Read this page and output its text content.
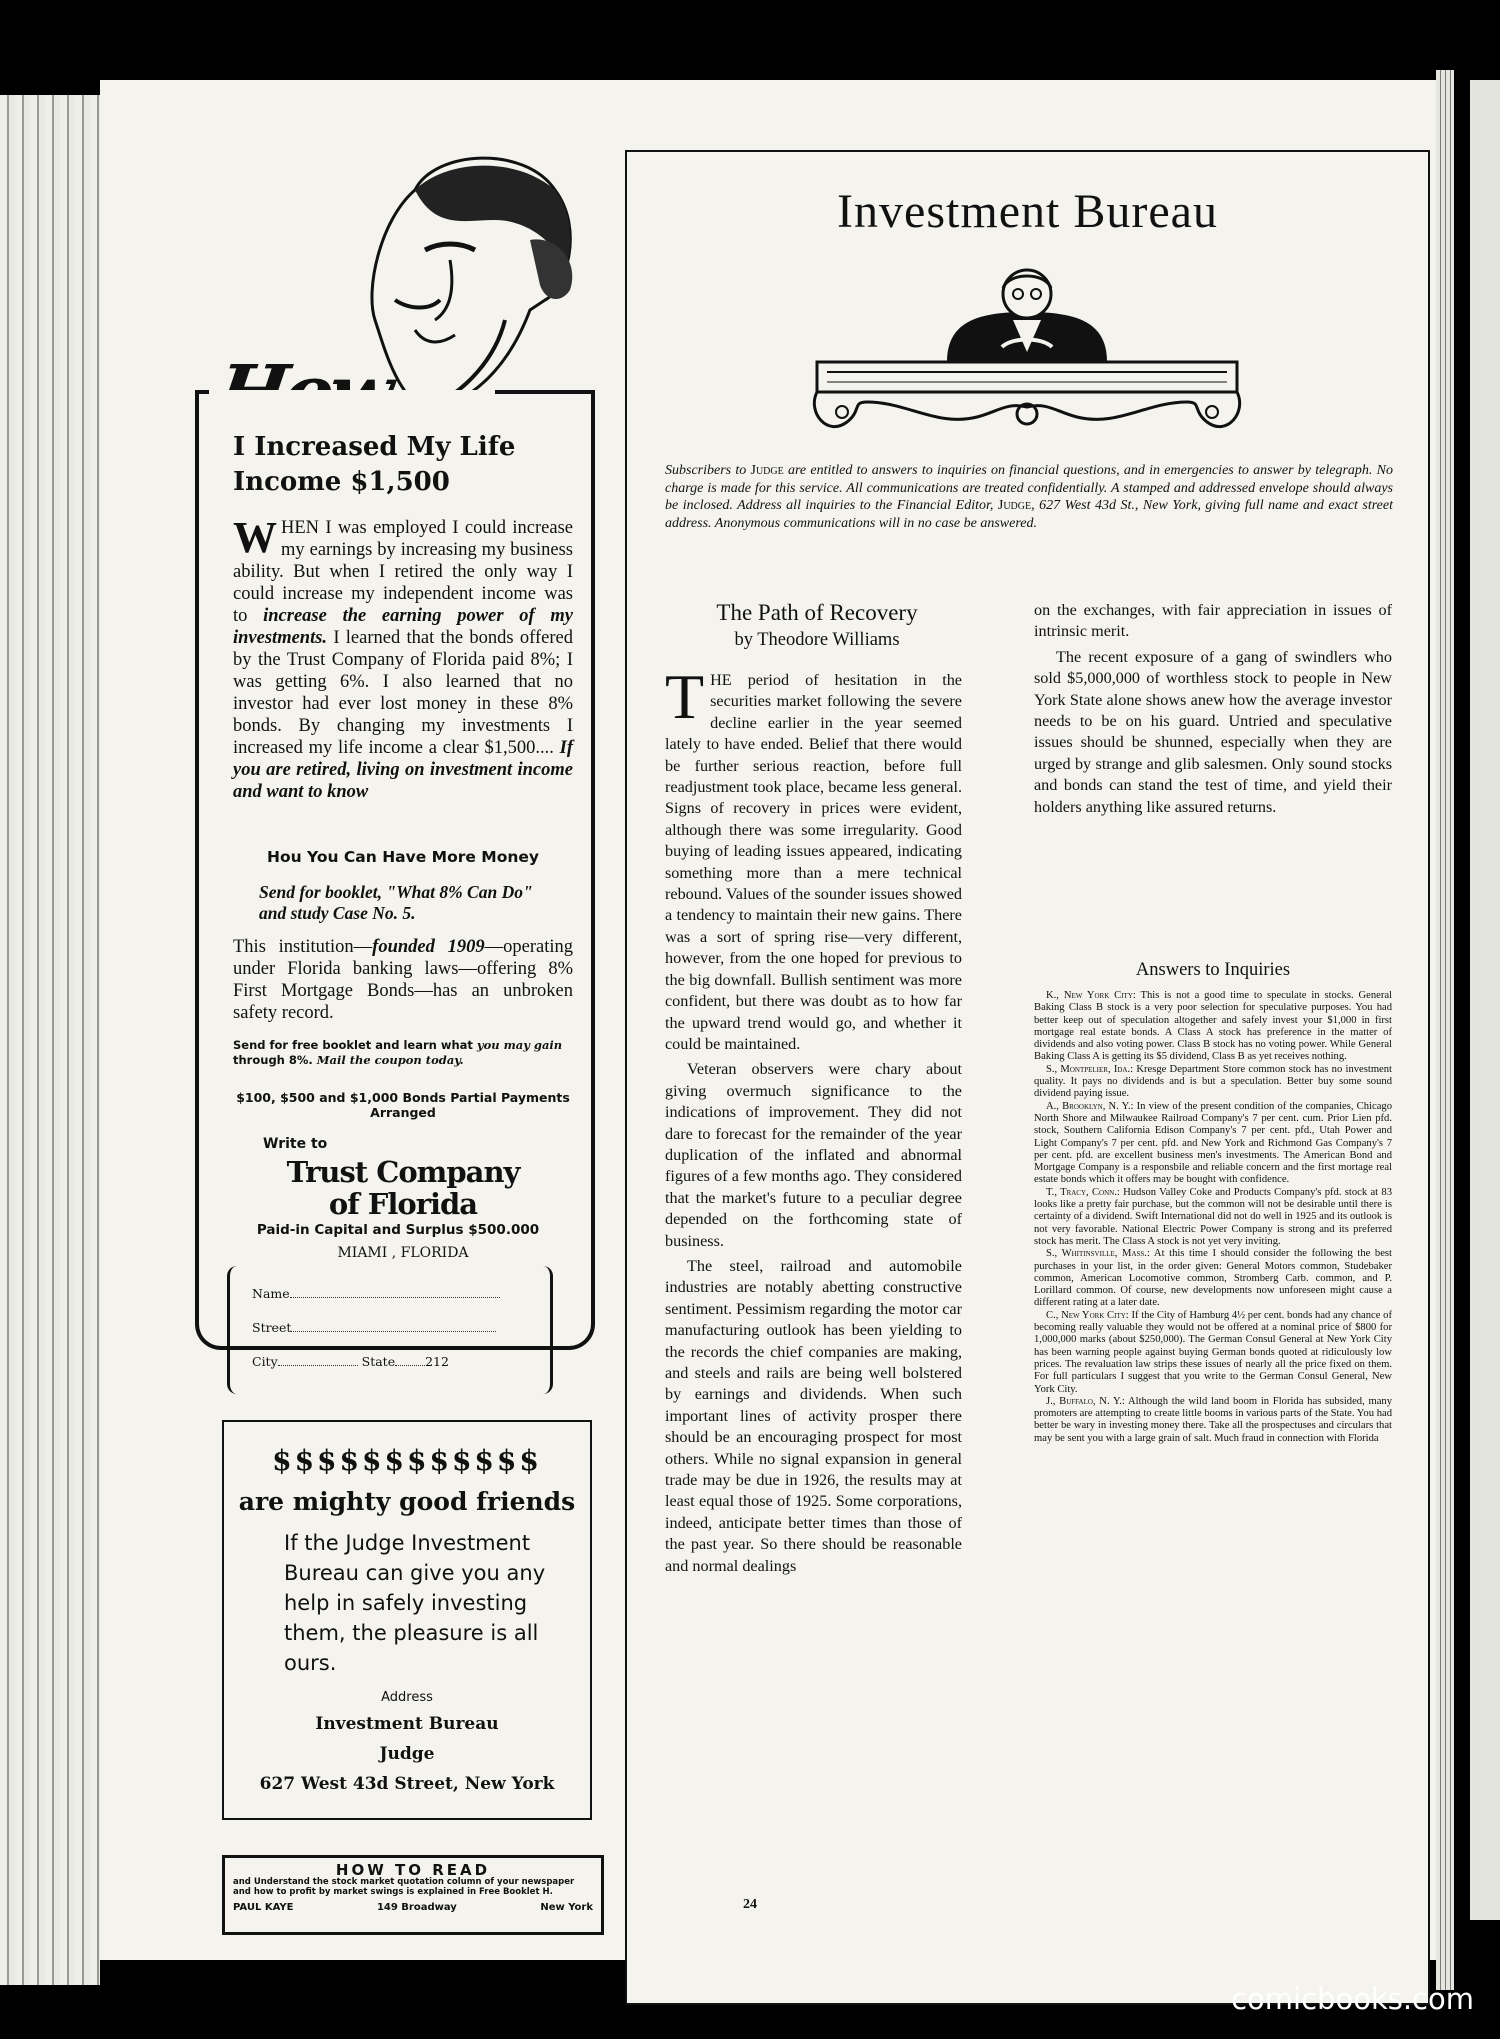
I Increased My Life Income $1,500
WHEN I was employed I could increase my earnings by increasing my business ability. But when I retired the only way I could increase my independent income was to increase the earning power of my investments. I learned that the bonds offered by the Trust Company of Florida paid 8%; I was getting 6%. I also learned that no investor had ever lost money in these 8% bonds. By changing my investments I increased my life income a clear $1,500.... If you are retired, living on investment income and want to know
Hou You Can Have More Money
Send for booklet, "What 8% Can Do" and study Case No. 5.
This institution—founded 1909—operating under Florida banking laws—offering 8% First Mortgage Bonds—has an unbroken safety record.
Send for free booklet and learn what you may gain through 8%. Mail the coupon today.
$100, $500 and $1,000 Bonds Partial Payments Arranged
Write to
Trust Company
of Florida
Paid-in Capital and Surplus $500.000
MIAMI , FLORIDA
Name
Street
City	State 212
$$$$$$$$$$$$
are mighty good friends
If the Judge Investment Bureau can give you any help in safely investing them, the pleasure is all ours.
Address
Investment Bureau
Judge
627 West 43d Street, New York
HOW TO READ
and Understand the stock market quotation column of your newspaper and how to profit by market swings is explained in Free Booklet H.
PAUL KAYE	149 Broadway	New York
Investment Bureau
Subscribers to Judge are entitled to answers to inquiries on financial questions, and in emergencies to answer by telegraph. No charge is made for this service. All communications are treated confidentially. A stamped and addressed envelope should always be inclosed. Address all inquiries to the Financial Editor, Judge, 627 West 43d St., New York, giving full name and exact street address. Anonymous communications will in no case be answered.
The Path of Recovery
by Theodore Williams

THE period of hesitation in the securities market following the severe decline earlier in the year seemed lately to have ended. Belief that there would be further serious reaction, before full readjustment took place, became less general. Signs of recovery in prices were evident, although there was some irregularity. Good buying of leading issues appeared, indicating something more than a mere technical rebound. Values of the sounder issues showed a tendency to maintain their new gains. There was a sort of spring rise—very different, however, from the one hoped for previous to the big downfall. Bullish sentiment was more confident, but there was doubt as to how far the upward trend would go, and whether it could be maintained.

Veteran observers were chary about giving overmuch significance to the indications of improvement. They did not dare to forecast for the remainder of the year duplication of the inflated and abnormal figures of a few months ago. They considered that the market's future to a peculiar degree depended on the forthcoming state of business.

The steel, railroad and automobile industries are notably abetting constructive sentiment. Pessimism regarding the motor car manufacturing outlook has been yielding to the records the chief companies are making, and steels and rails are being well bolstered by earnings and dividends. When such important lines of activity prosper there should be an encouraging prospect for most others. While no signal expansion in general trade may be due in 1926, the results may at least equal those of 1925. Some corporations, indeed, anticipate better times than those of the past year. So there should be reasonable and normal dealings

on the exchanges, with fair appreciation in issues of intrinsic merit.

The recent exposure of a gang of swindlers who sold $5,000,000 of worthless stock to people in New York State alone shows anew how the average investor needs to be on his guard. Untried and speculative issues should be shunned, especially when they are urged by strange and glib salesmen. Only sound stocks and bonds can stand the test of time, and yield their holders anything like assured returns.

Answers to Inquiries

K., New York City: This is not a good time to speculate in stocks. General Baking Class B stock is a very poor selection for speculative purposes. You had better keep out of speculation altogether and safely invest your $1,000 in first mortgage real estate bonds. A Class A stock has preference in the matter of dividends and also voting power. Class B stock has no voting power. While General Baking Class A is getting its $5 dividend, Class B as yet receives nothing.

S., Montpelier, Ida.: Kresge Department Store common stock has no investment quality. It pays no dividends and is but a speculation. Better buy some sound dividend paying issue.

A., Brooklyn, N. Y.: In view of the present condition of the companies, Chicago North Shore and Milwaukee Railroad Company's 7 per cent. cum. Prior Lien pfd. stock, Southern California Edison Company's 7 per cent. pfd., Utah Power and Light Company's 7 per cent. pfd. and New York and Richmond Gas Company's 7 per cent. pfd. are excellent business men's investments. The American Bond and Mortgage Company is a responsbile and reliable concern and the first mortage real estate bonds which it offers may be bought with confidence.

T., Tracy, Conn.: Hudson Valley Coke and Products Company's pfd. stock at 83 looks like a pretty fair purchase, but the common will not be desirable until there is certainty of a dividend. Swift International did not do well in 1925 and its outlook is not very favorable. National Electric Power Company is strong and its preferred stock has merit. The Class A stock is not yet very inviting.

S., Whitinsville, Mass.: At this time I should consider the following the best purchases in your list, in the order given: General Motors common, Studebaker common, American Locomotive common, Stromberg Carb. common, and P. Lorillard common. Of course, new developments now unforeseen might cause a different rating at a later date.

C., New York City: If the City of Hamburg 4½ per cent. bonds had any chance of becoming really valuable they would not be offered at a nominal price of $800 for 1,000,000 marks (about $250,000). The German Consul General at New York City has been warning people against buying German bonds quoted at ridiculously low prices. The revaluation law strips these issues of nearly all the price fixed on them. For full particulars I suggest that you write to the German Consul General, New York City.

J., Buffalo, N. Y.: Although the wild land boom in Florida has subsided, many promoters are attempting to create little booms in various parts of the State. You had better be wary in investing money there. Take all the prospectuses and circulars that may be sent you with a large grain of salt. Much fraud in connection with Florida

24
comicbooks.com
